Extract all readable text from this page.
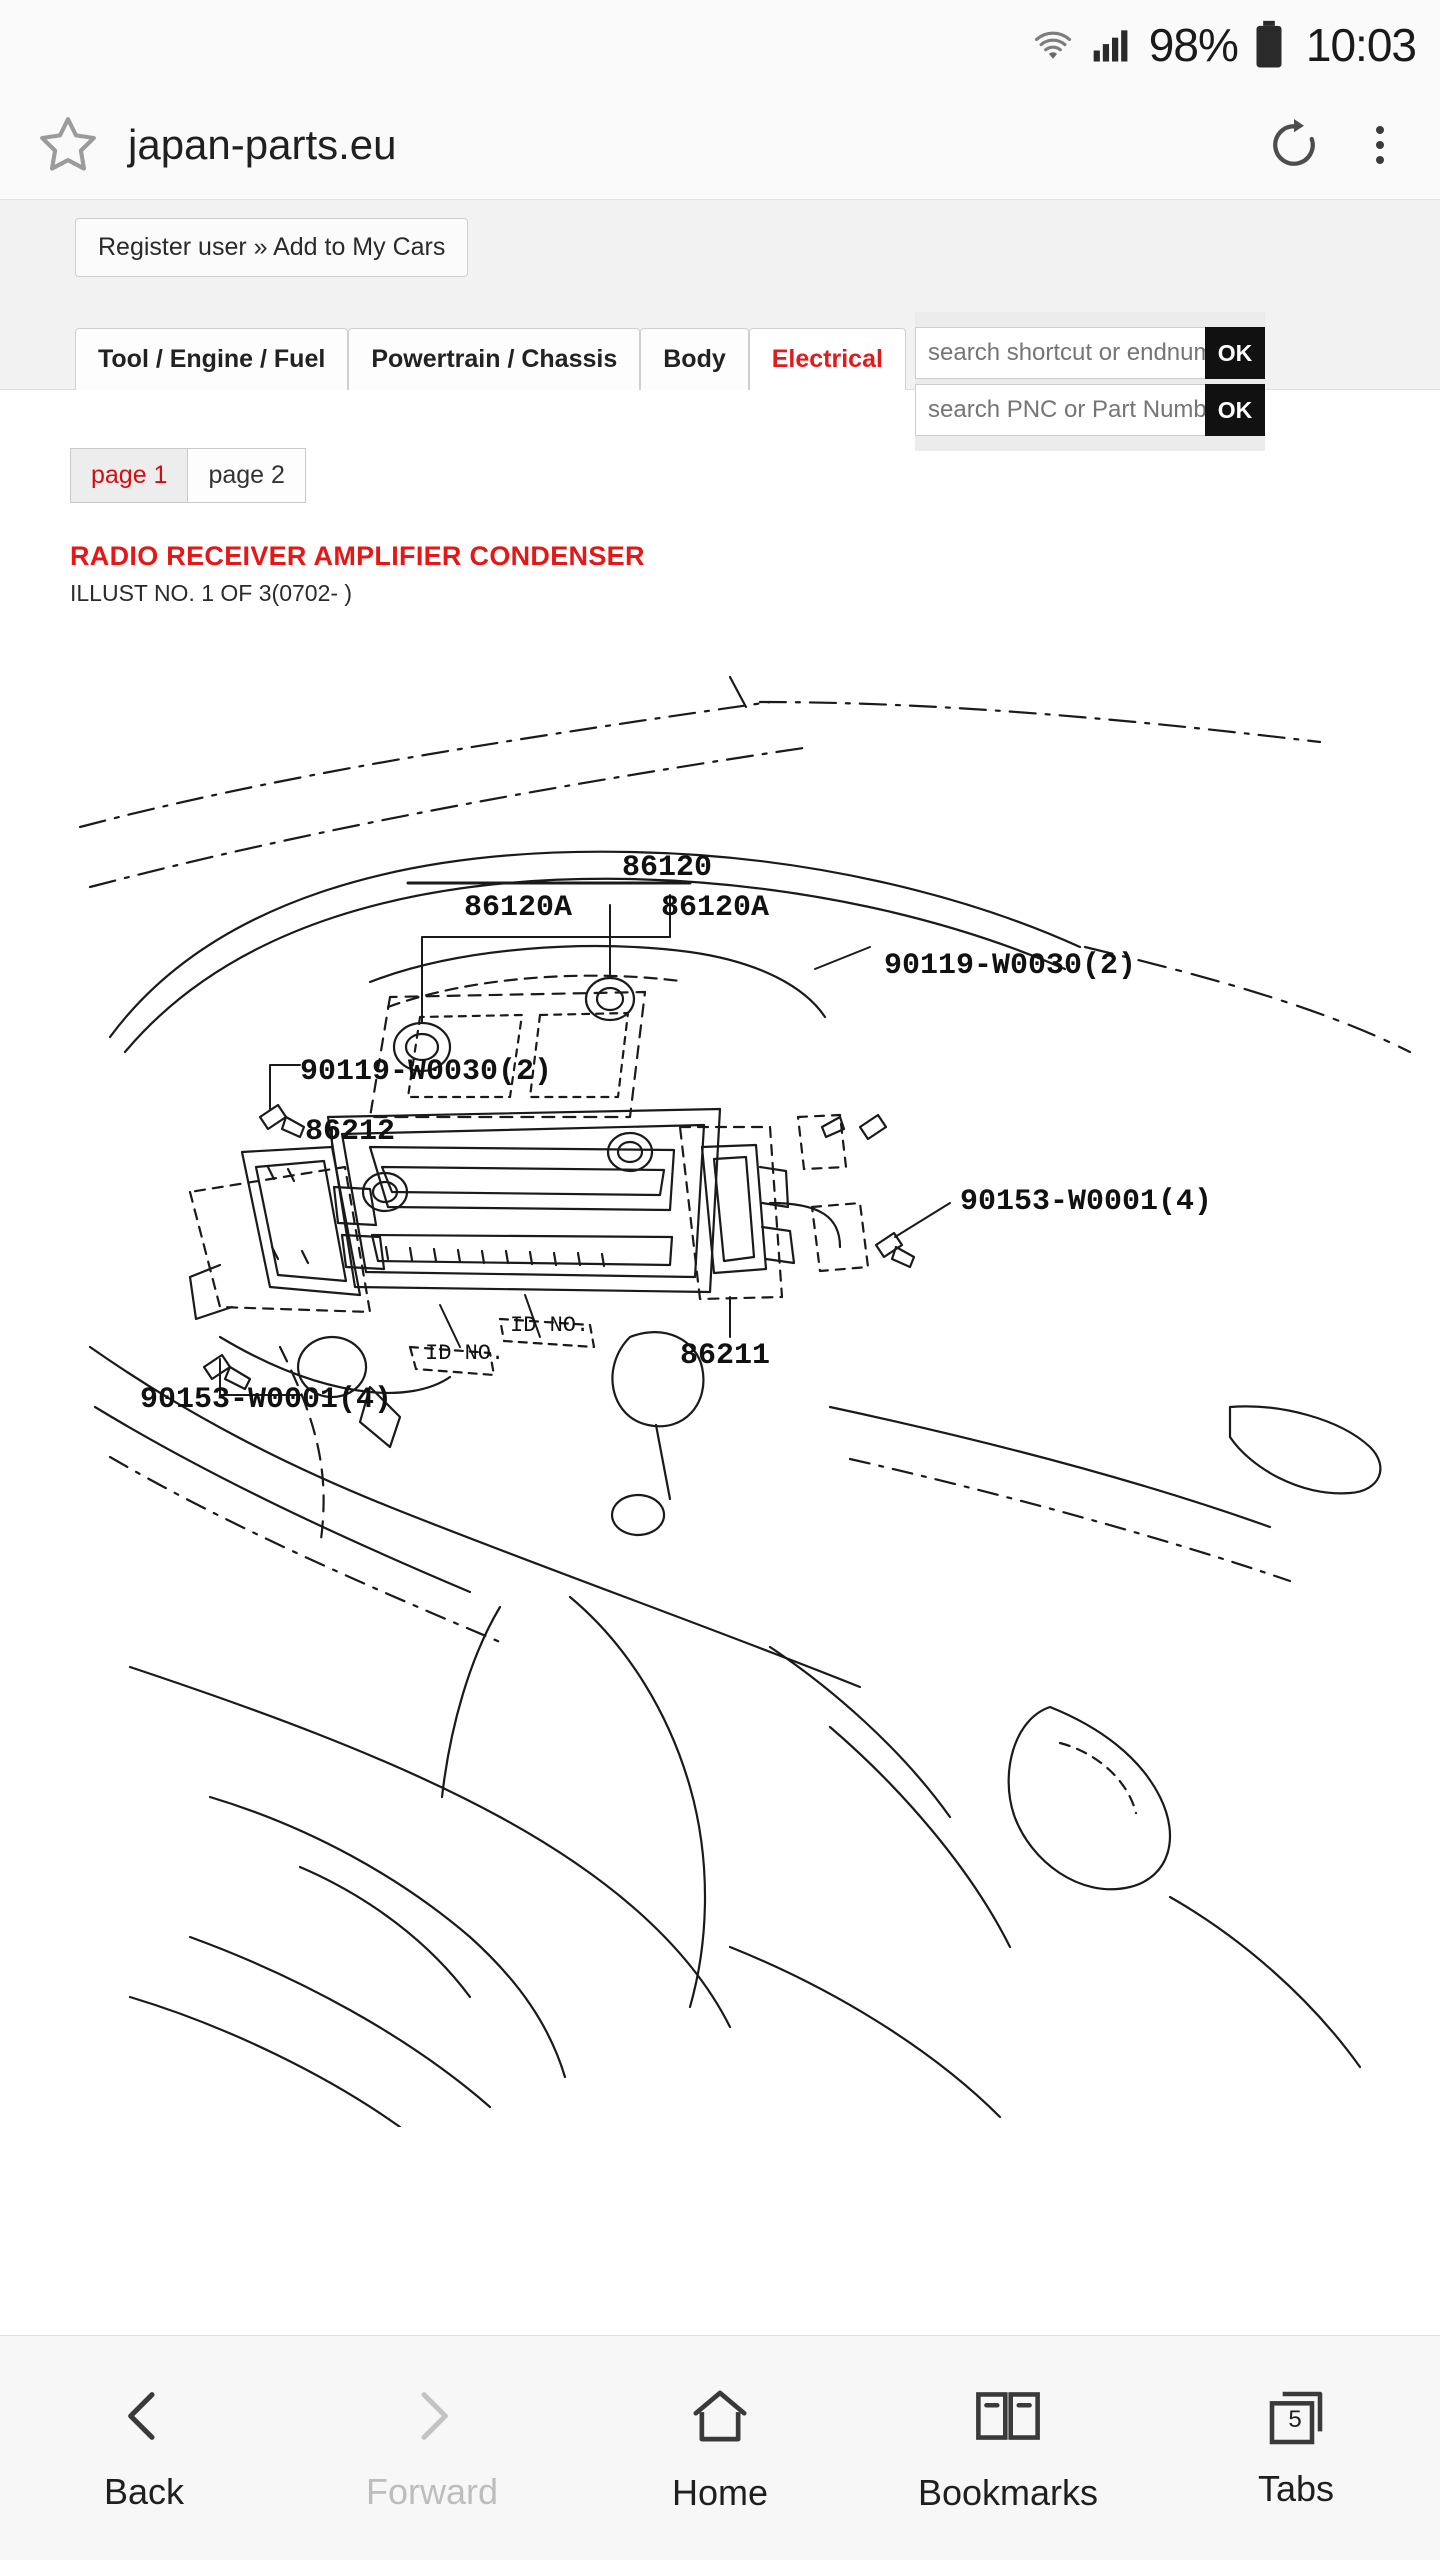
98% 10:03
japan-parts.eu
Register user » Add to My Cars
Tool / Engine / Fuel	Powertrain / Chassis	Body	Electrical
search shortcut or endnumber	OK
search PNC or Part Number
OK
page 1	page 2
RADIO RECEIVER AMPLIFIER CONDENSER
ILLUST NO. 1 OF 3(0702- )
86120
86120A	86120A
90119-W0030(2)
90119-W0030(2)
86212
90153-W0001(4)
86211
90153-W0001(4)
ID NO.
ID NO.
Back	Forward	Home	Bookmarks
5
Tabs
